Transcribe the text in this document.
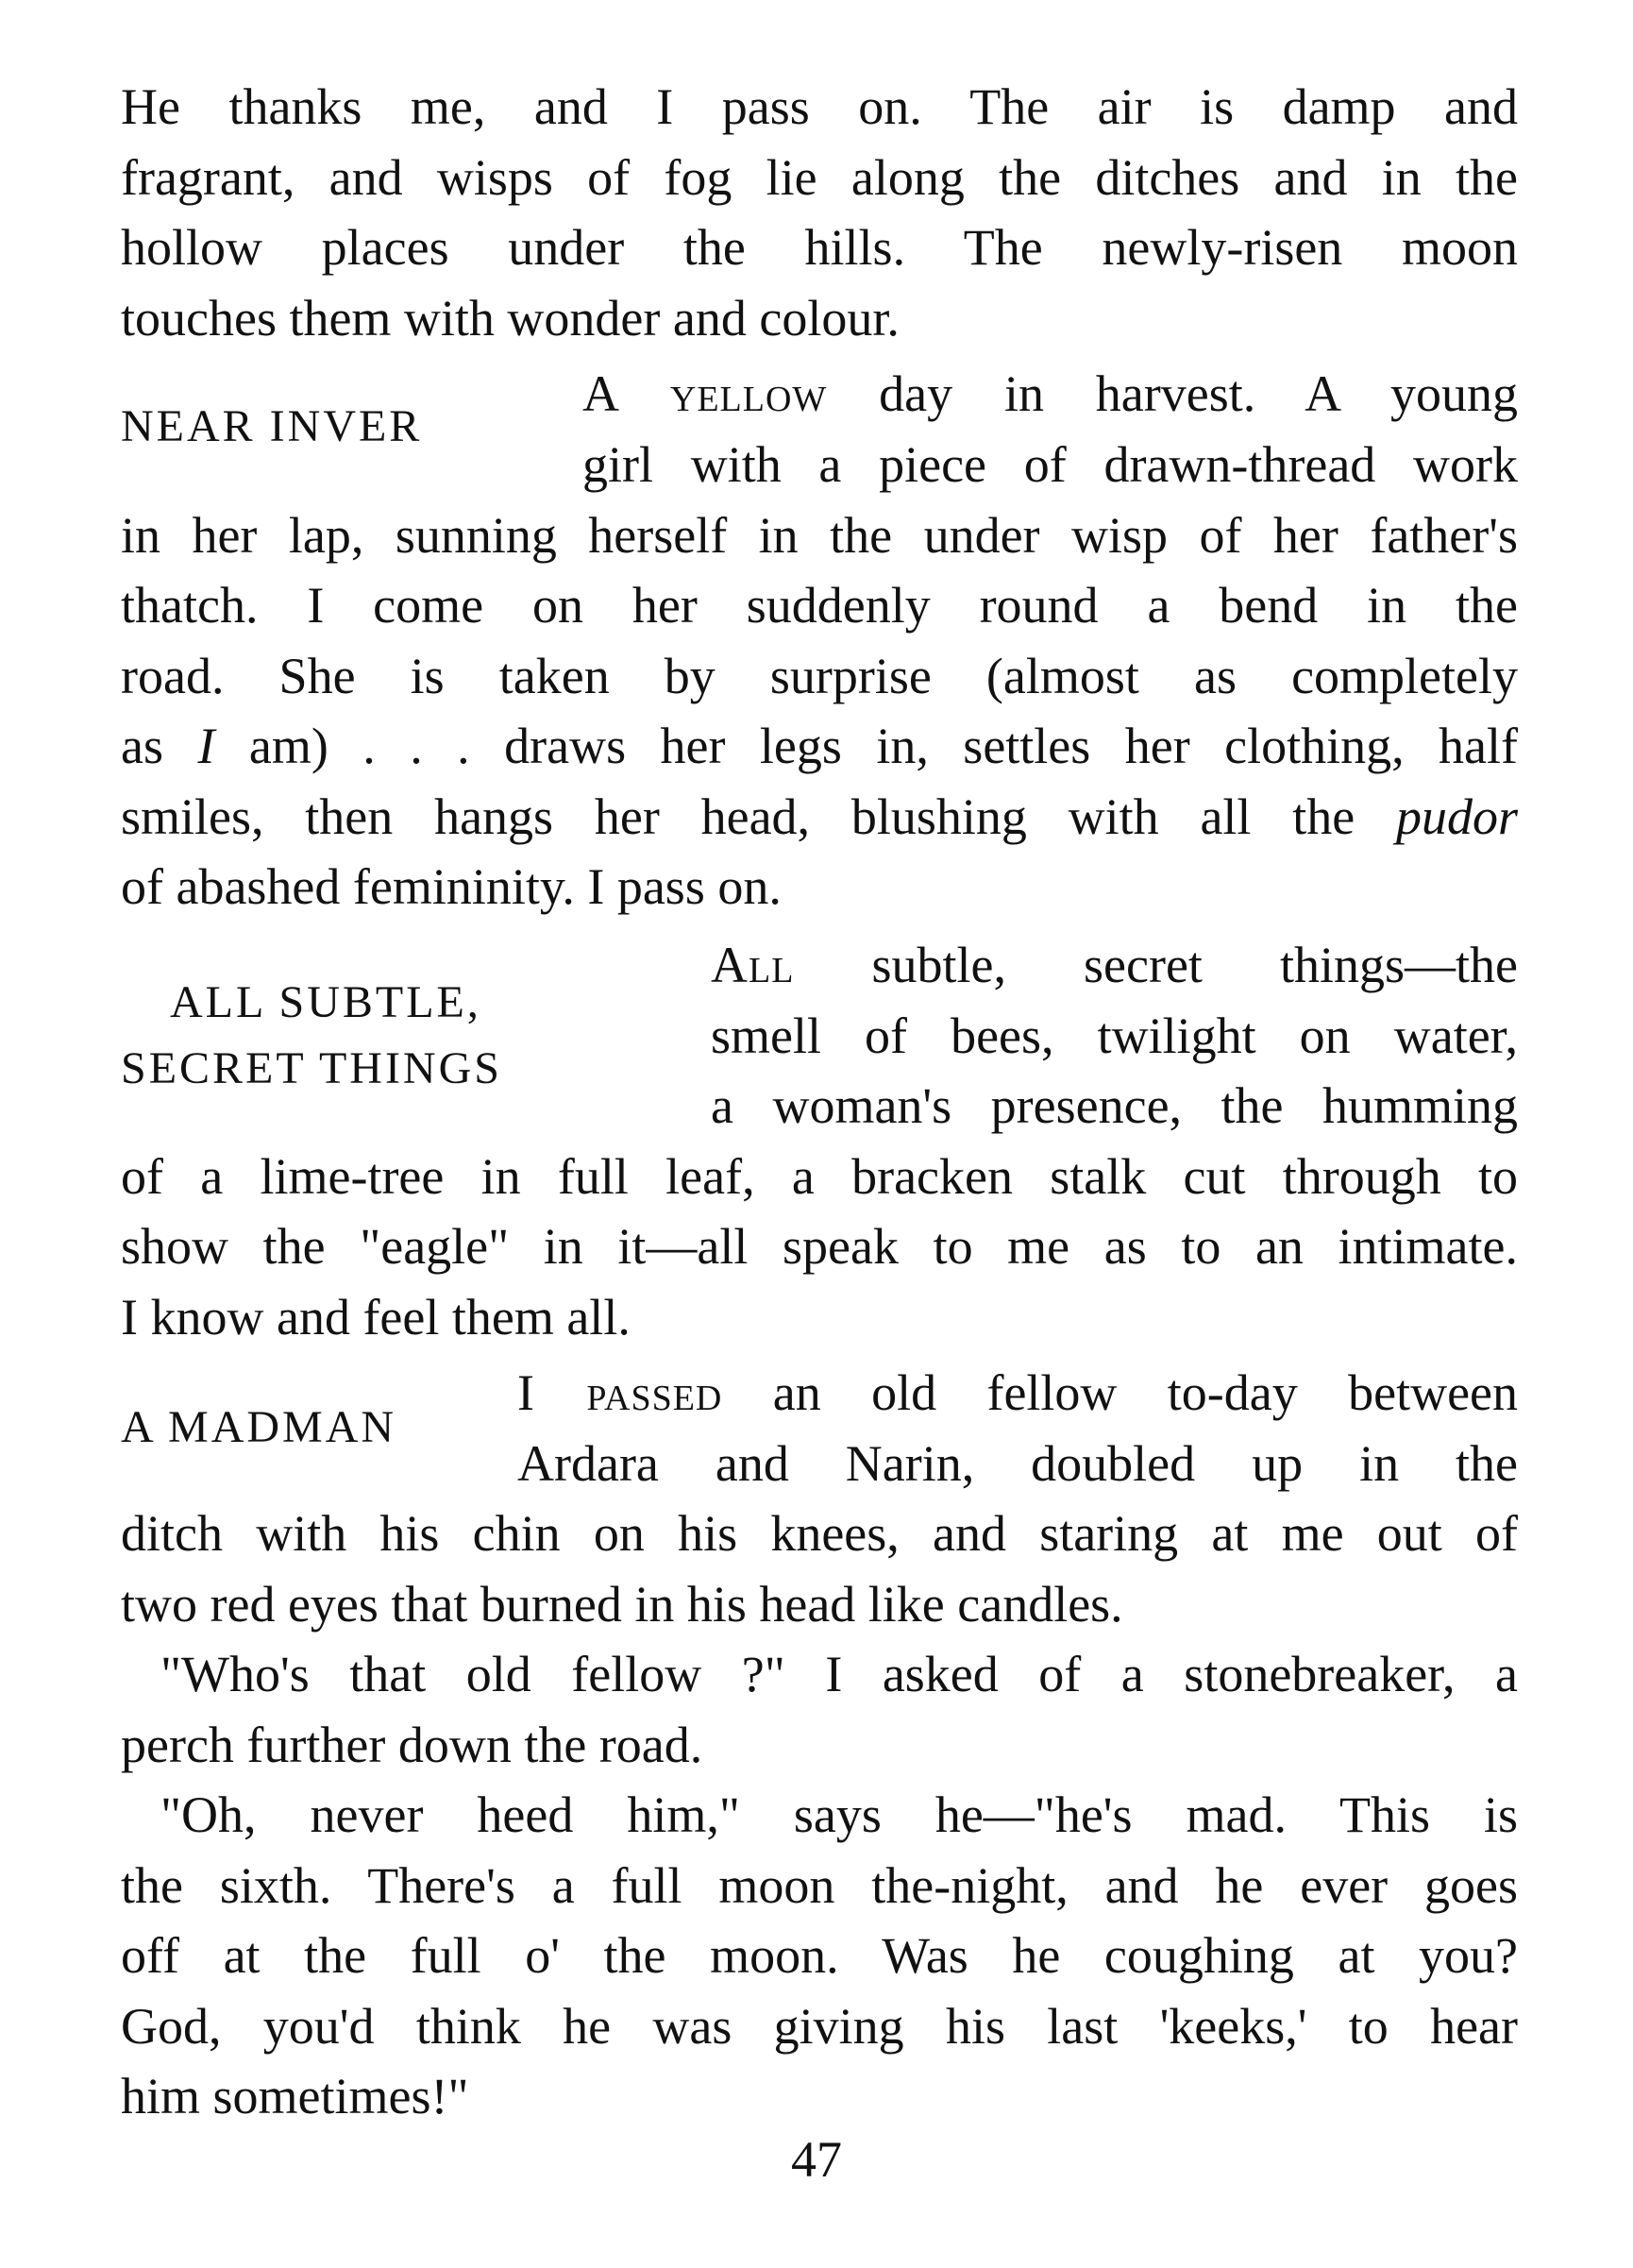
He thanks me, and I pass on. The air is damp and
fragrant, and wisps of fog lie along the ditches and in the
hollow places under the hills. The newly-risen moon
touches them with wonder and colour.
NEAR INVER
A yellow day in harvest. A young
girl with a piece of drawn-thread work
in her lap, sunning herself in the under wisp of her father's
thatch. I come on her suddenly round a bend in the
road. She is taken by surprise (almost as completely
as I am) . . . draws her legs in, settles her clothing, half
smiles, then hangs her head, blushing with all the pudor
of abashed femininity. I pass on.
ALL SUBTLE,
SECRET THINGS
All subtle, secret things—the
smell of bees, twilight on water,
a woman's presence, the humming
of a lime-tree in full leaf, a bracken stalk cut through to
show the "eagle" in it—all speak to me as to an intimate.
I know and feel them all.
A MADMAN
I passed an old fellow to-day between
Ardara and Narin, doubled up in the
ditch with his chin on his knees, and staring at me out of
two red eyes that burned in his head like candles.
"Who's that old fellow ?" I asked of a stonebreaker, a
perch further down the road.
"Oh, never heed him," says he—"he's mad. This is
the sixth. There's a full moon the-night, and he ever goes
off at the full o' the moon. Was he coughing at you?
God, you'd think he was giving his last 'keeks,' to hear
him sometimes!"
47
